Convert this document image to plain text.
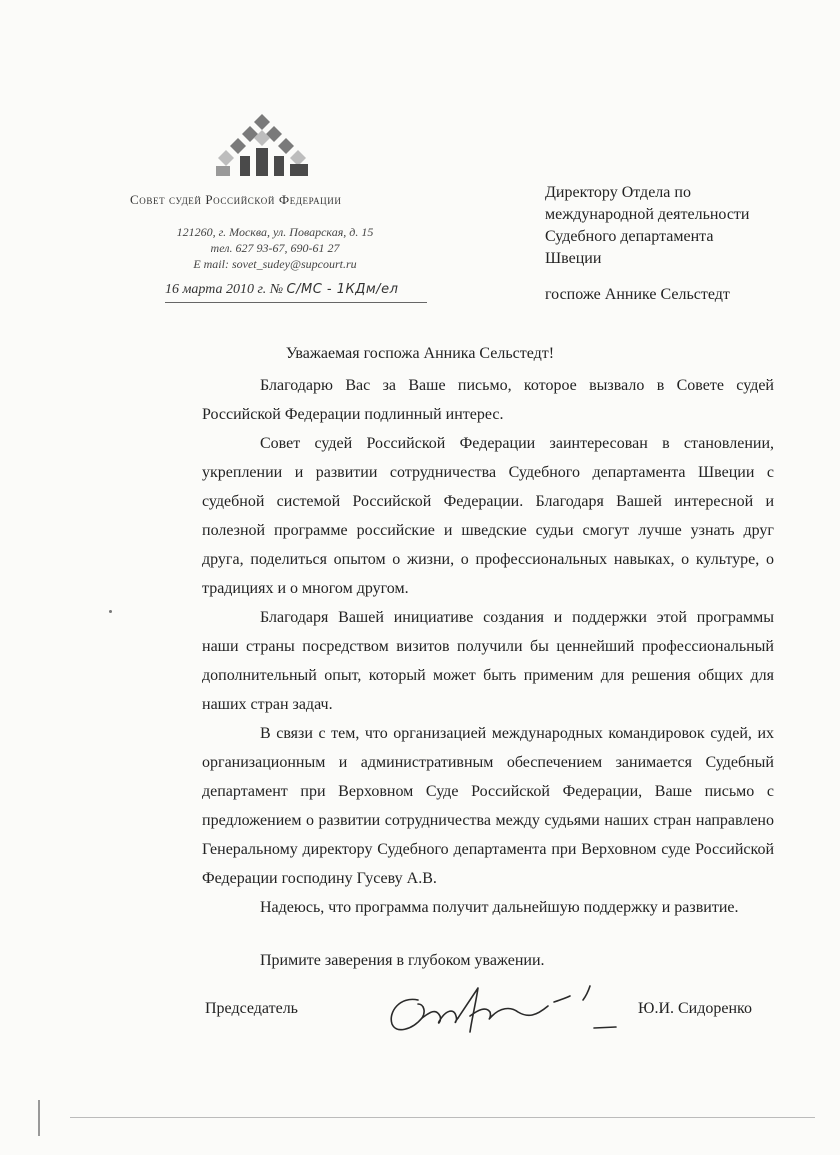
Совет судей Российской Федерации
121260, г. Москва, ул. Поварская, д. 15
тел. 627 93-67, 690-61 27
E mail: sovet_sudey@supcourt.ru
16 марта 2010 г. № С/МС - 1КДм/ел
Директору Отдела по
международной деятельности
Судебного департамента
Швеции
госпоже Аннике Сельстедт
Уважаемая госпожа Анника Сельстедт!

Благодарю Вас за Ваше письмо, которое вызвало в Совете судей Российской Федерации подлинный интерес.

Совет судей Российской Федерации заинтересован в становлении, укреплении и развитии сотрудничества Судебного департамента Швеции с судебной системой Российской Федерации. Благодаря Вашей интересной и полезной программе российские и шведские судьи смогут лучше узнать друг друга, поделиться опытом о жизни, о профессиональных навыках, о культуре, о традициях и о многом другом.

Благодаря Вашей инициативе создания и поддержки этой программы наши страны посредством визитов получили бы ценнейший профессиональный дополнительный опыт, который может быть применим для решения общих для наших стран задач.

В связи с тем, что организацией международных командировок судей, их организационным и административным обеспечением занимается Судебный департамент при Верховном Суде Российской Федерации, Ваше письмо с предложением о развитии сотрудничества между судьями наших стран направлено Генеральному директору Судебного департамента при Верховном суде Российской Федерации господину Гусеву А.В.

Надеюсь, что программа получит дальнейшую поддержку и развитие.

Примите заверения в глубоком уважении.
Председатель	Ю.И. Сидоренко
